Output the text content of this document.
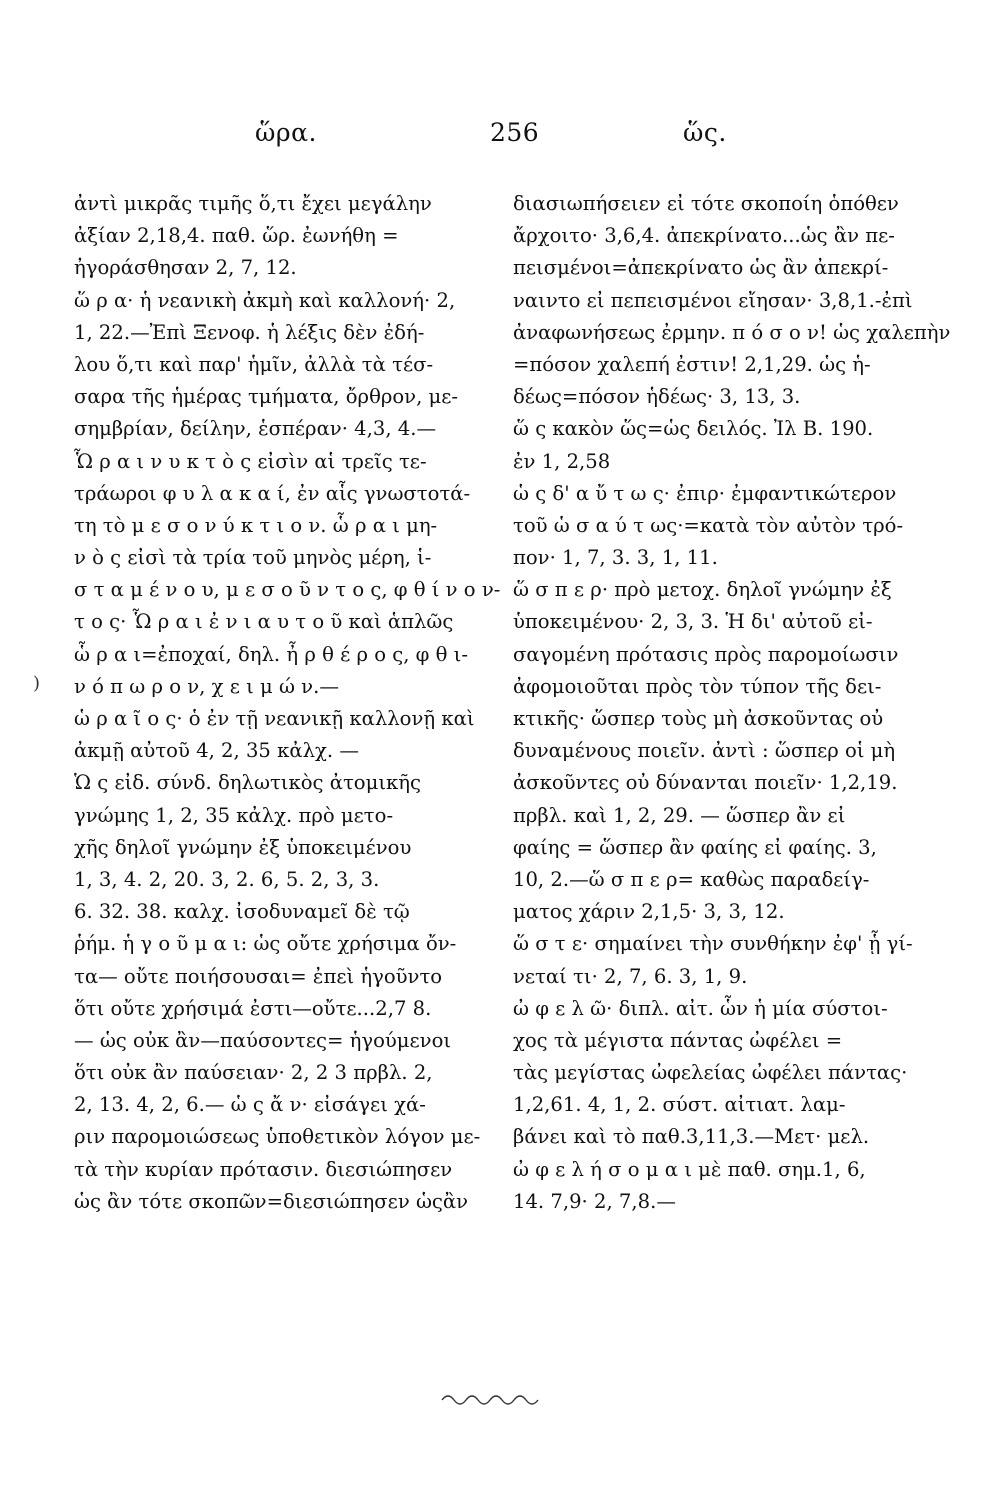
ὥρα.	256	ὥς.
)
ἀντὶ μικρᾶς τιμῆς ὅ,τι ἔχει μεγάλην
ἀξίαν 2,18,4. παθ. ὥρ. ἐωνήθη =
ἠγοράσθησαν 2, 7, 12.
ὥ ρ α· ἡ νεανικὴ ἀκμὴ καὶ καλλονή· 2,
1, 22.—Ἐπὶ Ξενοφ. ἡ λέξις δὲν ἐδή-
λου ὅ,τι καὶ παρ' ἡμῖν, ἀλλὰ τὰ τέσ-
σαρα τῆς ἡμέρας τμήματα, ὄρθρον, με-
σημβρίαν, δείλην, ἑσπέραν· 4,3, 4.—
Ὧ ρ α ι ν υ κ τ ὸ ς εἰσὶν αἱ τρεῖς τε-
τράωροι φ υ λ α κ α ί, ἐν αἷς γνωστοτά-
τη τὸ μ ε σ ο ν ύ κ τ ι ο ν. ὧ ρ α ι μη-
ν ὸ ς εἰσὶ τὰ τρία τοῦ μηνὸς μέρη, ἱ-
σ τ α μ έ ν ο υ, μ ε σ ο ῦ ν τ ο ς, φ θ ί ν ο ν-
τ ο ς· Ὧ ρ α ι ἐ ν ι α υ τ ο ῦ καὶ ἁπλῶς
ὧ ρ α ι=ἐποχαί, δηλ. ἦ ρ θ έ ρ ο ς, φ θ ι-
ν ό π ω ρ ο ν, χ ε ι μ ώ ν.—
ὡ ρ α ῖ ο ς· ὁ ἐν τῇ νεανικῇ καλλονῇ καὶ
ἀκμῇ αὐτοῦ 4, 2, 35 κἀλχ. —
Ὡ ς εἰδ. σύνδ. δηλωτικὸς ἀτομικῆς
γνώμης 1, 2, 35 κἀλχ. πρὸ μετο-
χῆς δηλοῖ γνώμην ἐξ ὑποκειμένου
1, 3, 4. 2, 20. 3, 2. 6, 5. 2, 3, 3.
6. 32. 38. καλχ. ἰσοδυναμεῖ δὲ τῷ
ῥήμ. ἡ γ ο ῦ μ α ι: ὡς οὔτε χρήσιμα ὄν-
τα— οὔτε ποιήσουσαι= ἐπεὶ ἡγοῦντο
ὅτι οὔτε χρήσιμά ἐστι—οὔτε...2,7 8.
— ὡς οὐκ ἂν—παύσοντες= ἡγούμενοι
ὅτι οὐκ ἂν παύσειαν· 2, 2 3 πρβλ. 2,
2, 13. 4, 2, 6.— ὡ ς ἄ ν· εἰσάγει χά-
ριν παρομοιώσεως ὑποθετικὸν λόγον με-
τὰ τὴν κυρίαν πρότασιν. διεσιώπησεν
ὡς ἂν τότε σκοπῶν=διεσιώπησεν ὡςἂν
διασιωπήσειεν εἰ τότε σκοποίη ὁπόθεν
ἄρχοιτο· 3,6,4. ἀπεκρίνατο...ὡς ἂν πε-
πεισμένοι=ἀπεκρίνατο ὡς ἂν ἀπεκρί-
ναιντο εἰ πεπεισμένοι εἴησαν· 3,8,1.-ἐπὶ
ἀναφωνήσεως ἐρμην. π ό σ ο ν! ὡς χαλεπὴν
=πόσον χαλεπή ἐστιν! 2,1,29. ὡς ἡ-
δέως=πόσον ἡδέως· 3, 13, 3.
ὥ ς κακὸν ὥς=ὡς δειλός. Ἰλ Β. 190.
ἐν 1, 2,58
ὡ ς δ' α ὔ τ ω ς· ἐπιρ· ἐμφαντικώτερον
τοῦ ὡ σ α ύ τ ως·=κατὰ τὸν αὐτὸν τρό-
πον· 1, 7, 3. 3, 1, 11.
ὥ σ π ε ρ· πρὸ μετοχ. δηλοῖ γνώμην ἐξ
ὑποκειμένου· 2, 3, 3. Ἡ δι' αὐτοῦ εἰ-
σαγομένη πρότασις πρὸς παρομοίωσιν
ἀφομοιοῦται πρὸς τὸν τύπον τῆς δει-
κτικῆς· ὥσπερ τοὺς μὴ ἀσκοῦντας οὐ
δυναμένους ποιεῖν. ἀντὶ : ὥσπερ οἱ μὴ
ἀσκοῦντες οὐ δύνανται ποιεῖν· 1,2,19.
πρβλ. καὶ 1, 2, 29. — ὥσπερ ἂν εἰ
φαίης = ὥσπερ ἂν φαίης εἰ φαίης. 3,
10, 2.—ὥ σ π ε ρ= καθὼς παραδείγ-
ματος χάριν 2,1,5· 3, 3, 12.
ὥ σ τ ε· σημαίνει τὴν συνθήκην ἐφ' ᾗ γί-
νεταί τι· 2, 7, 6. 3, 1, 9.
ὠ φ ε λ ῶ· διπλ. αἰτ. ὧν ἡ μία σύστοι-
χος τὰ μέγιστα πάντας ὠφέλει =
τὰς μεγίστας ὠφελείας ὠφέλει πάντας·
1,2,61. 4, 1, 2. σύστ. αἰτιατ. λαμ-
βάνει καὶ τὸ παθ.3,11,3.—Μετ· μελ.
ὠ φ ε λ ή σ ο μ α ι μὲ παθ. σημ.1, 6,
14. 7,9· 2, 7,8.—
